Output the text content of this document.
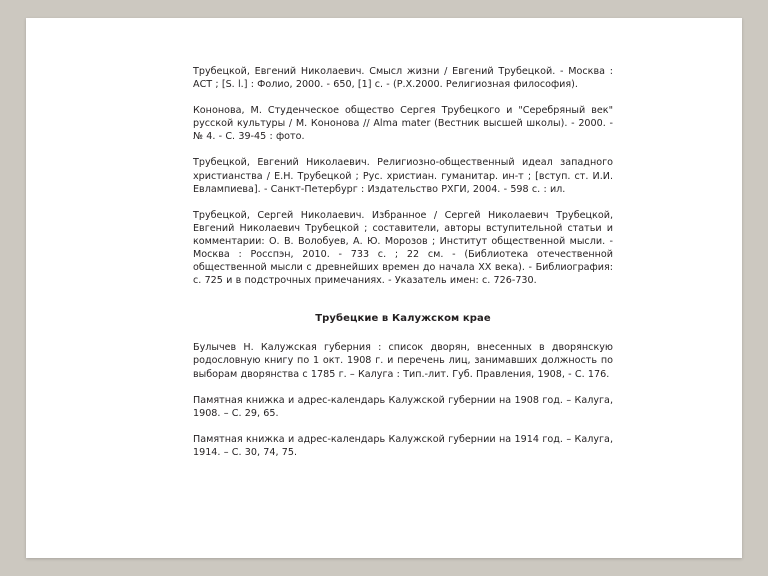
Трубецкой, Евгений Николаевич. Смысл жизни / Евгений Трубецкой. - Москва : АСТ ; [S. l.] : Фолио, 2000. - 650, [1] с. - (Р.Х.2000. Религиозная философия).

Кононова, М. Студенческое общество Сергея Трубецкого и "Серебряный век" русской культуры / М. Кононова // Alma mater (Вестник высшей школы). - 2000. - № 4. - С. 39-45 : фото.

Трубецкой, Евгений Николаевич. Религиозно-общественный идеал западного христианства / Е.Н. Трубецкой ; Рус. христиан. гуманитар. ин-т ; [вступ. ст. И.И. Евлампиева]. - Санкт-Петербург : Издательство РХГИ, 2004. - 598 с. : ил.

Трубецкой, Сергей Николаевич. Избранное / Сергей Николаевич Трубецкой, Евгений Николаевич Трубецкой ; составители, авторы вступительной статьи и комментарии: О. В. Волобуев, А. Ю. Морозов ; Институт общественной мысли. - Москва : Росспэн, 2010. - 733 с. ; 22 см. - (Библиотека отечественной общественной мысли с древнейших времен до начала ХХ века). - Библиография: с. 725 и в подстрочных примечаниях. - Указатель имен: с. 726-730.

Трубецкие в Калужском крае

Булычев Н. Калужская губерния : список дворян, внесенных в дворянскую родословную книгу по 1 окт. 1908 г. и перечень лиц, занимавших должность по выборам дворянства с 1785 г. – Калуга : Тип.-лит. Губ. Правления, 1908, - С. 176.

Памятная книжка и адрес-календарь Калужской губернии на 1908 год. – Калуга, 1908. – С. 29, 65.

Памятная книжка и адрес-календарь Калужской губернии на 1914 год. – Калуга, 1914. – С. 30, 74, 75.
